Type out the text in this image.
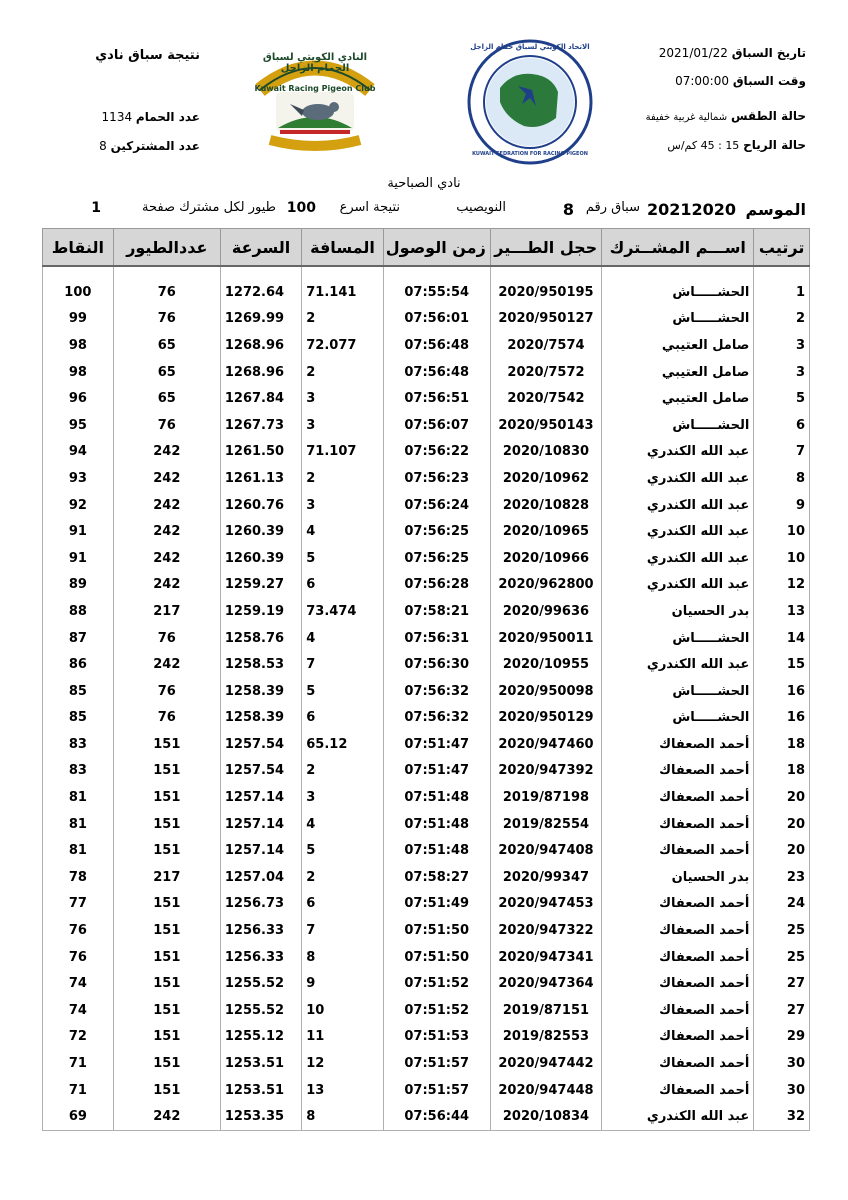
تاريخ السباق 2021/01/22
وقت السباق 07:00:00
حالة الطقس شمالية غربية خفيفة
حالة الرياح 15 : 45 كم/س
نتيجة سباق نادي
عدد الحمام 1134
عدد المشتركين 8
النادي الكويتي لسباق الحمام الزاجل
Kuwait Racing Pigeon Club
الاتحاد الكويتي لسباق حمام الزاجل
KUWAIT FEDRATION FOR RACING PIGEON
نادي الصباحية
الموسم
20212020
سباق رقم
8
النويصيب
نتيجة اسرع
100
طيور لكل مشترك صفحة
1
ترتيب	اســـم المشــترك	حجل الطـــير	زمن الوصول	المسافة	السرعة	عددالطيور	النقاط

1	الحشـــــاش	2020/950195	07:55:54	71.141	1272.64	76	100
2	الحشـــــاش	2020/950127	07:56:01	2	1269.99	76	99
3	صامل العتيبي	2020/7574	07:56:48	72.077	1268.96	65	98
3	صامل العتيبي	2020/7572	07:56:48	2	1268.96	65	98
5	صامل العتيبي	2020/7542	07:56:51	3	1267.84	65	96
6	الحشـــــاش	2020/950143	07:56:07	3	1267.73	76	95
7	عبد الله الكندري	2020/10830	07:56:22	71.107	1261.50	242	94
8	عبد الله الكندري	2020/10962	07:56:23	2	1261.13	242	93
9	عبد الله الكندري	2020/10828	07:56:24	3	1260.76	242	92
10	عبد الله الكندري	2020/10965	07:56:25	4	1260.39	242	91
10	عبد الله الكندري	2020/10966	07:56:25	5	1260.39	242	91
12	عبد الله الكندري	2020/962800	07:56:28	6	1259.27	242	89
13	بدر الحسيان	2020/99636	07:58:21	73.474	1259.19	217	88
14	الحشـــــاش	2020/950011	07:56:31	4	1258.76	76	87
15	عبد الله الكندري	2020/10955	07:56:30	7	1258.53	242	86
16	الحشـــــاش	2020/950098	07:56:32	5	1258.39	76	85
16	الحشـــــاش	2020/950129	07:56:32	6	1258.39	76	85
18	أحمد الصعفاك	2020/947460	07:51:47	65.12	1257.54	151	83
18	أحمد الصعفاك	2020/947392	07:51:47	2	1257.54	151	83
20	أحمد الصعفاك	2019/87198	07:51:48	3	1257.14	151	81
20	أحمد الصعفاك	2019/82554	07:51:48	4	1257.14	151	81
20	أحمد الصعفاك	2020/947408	07:51:48	5	1257.14	151	81
23	بدر الحسيان	2020/99347	07:58:27	2	1257.04	217	78
24	أحمد الصعفاك	2020/947453	07:51:49	6	1256.73	151	77
25	أحمد الصعفاك	2020/947322	07:51:50	7	1256.33	151	76
25	أحمد الصعفاك	2020/947341	07:51:50	8	1256.33	151	76
27	أحمد الصعفاك	2020/947364	07:51:52	9	1255.52	151	74
27	أحمد الصعفاك	2019/87151	07:51:52	10	1255.52	151	74
29	أحمد الصعفاك	2019/82553	07:51:53	11	1255.12	151	72
30	أحمد الصعفاك	2020/947442	07:51:57	12	1253.51	151	71
30	أحمد الصعفاك	2020/947448	07:51:57	13	1253.51	151	71
32	عبد الله الكندري	2020/10834	07:56:44	8	1253.35	242	69
